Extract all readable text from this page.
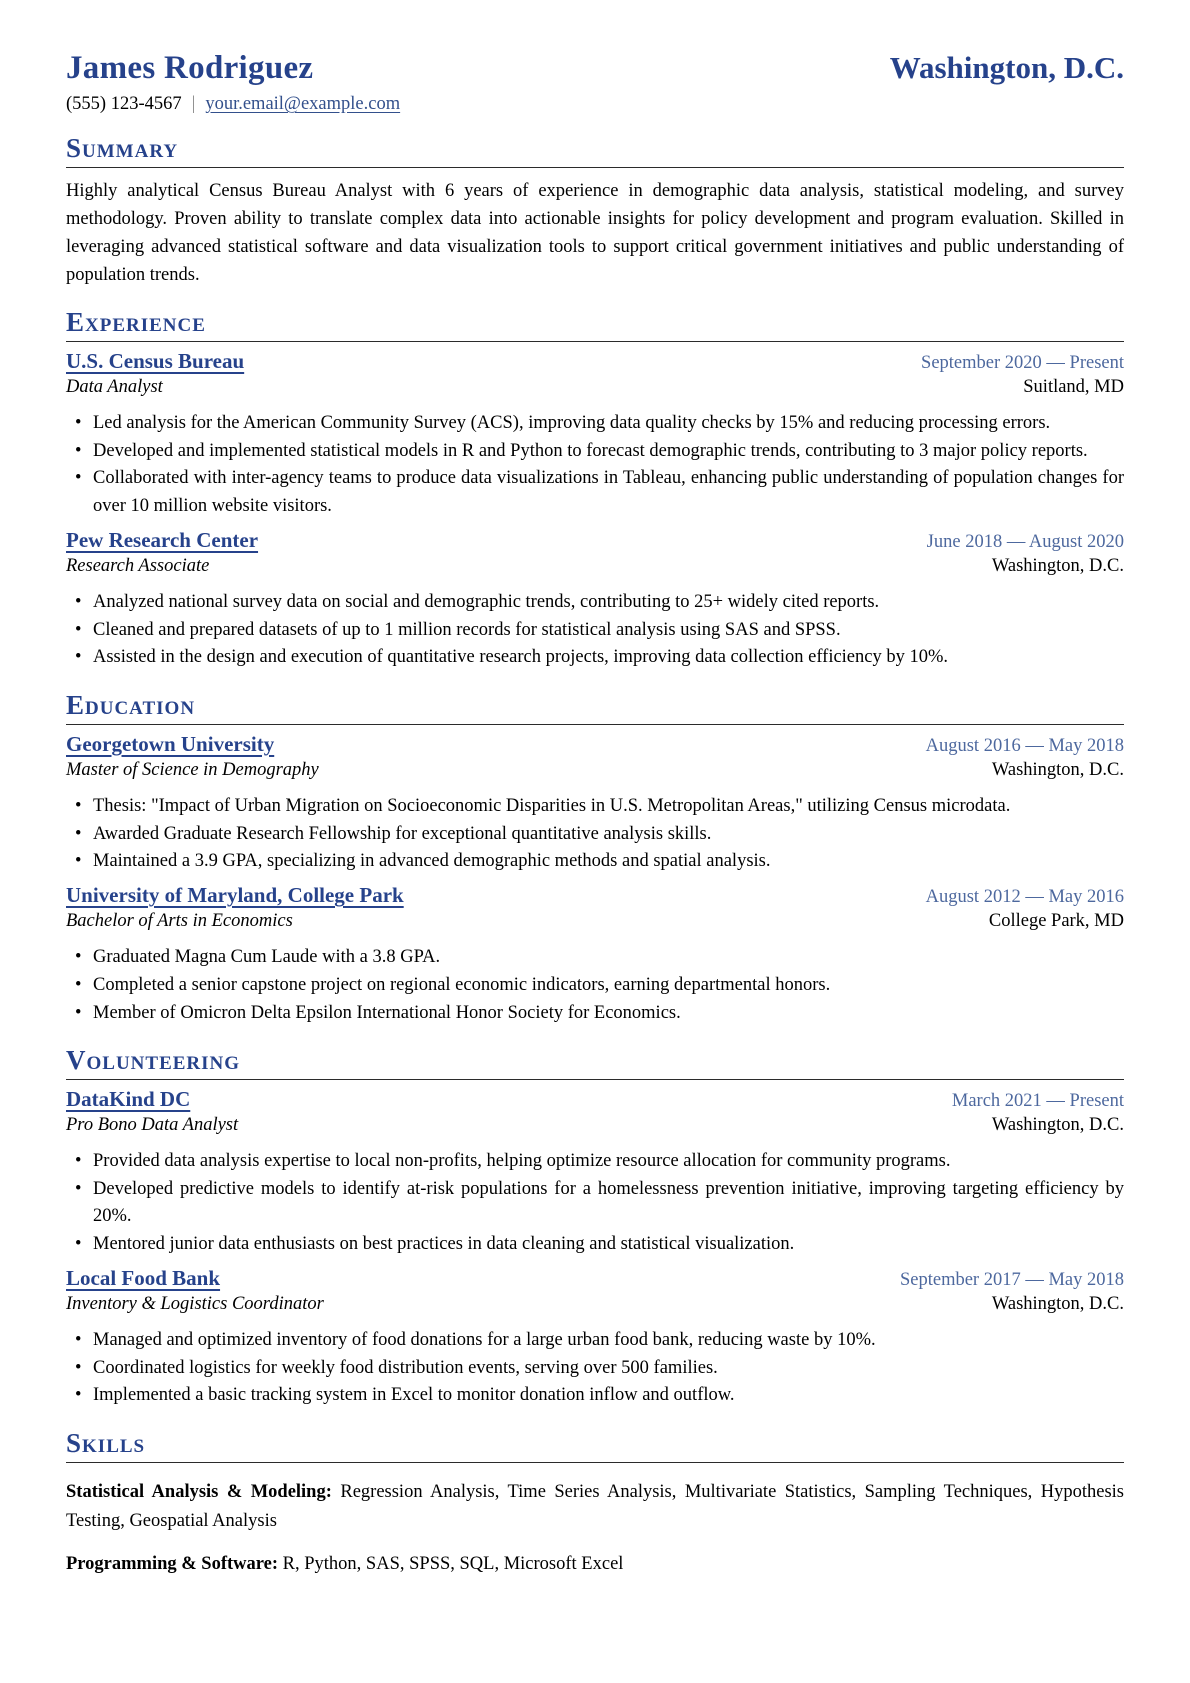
James Rodriguez	Washington, D.C.
(555) 123-4567 | your.email@example.com
Summary
Highly analytical Census Bureau Analyst with 6 years of experience in demographic data analysis, statistical modeling, and survey methodology. Proven ability to translate complex data into actionable insights for policy development and program evaluation. Skilled in leveraging advanced statistical software and data visualization tools to support critical government initiatives and public understanding of population trends.
Experience
U.S. Census Bureau	September 2020 — Present
Data Analyst	Suitland, MD
• Led analysis for the American Community Survey (ACS), improving data quality checks by 15% and reducing processing errors.
• Developed and implemented statistical models in R and Python to forecast demographic trends, contributing to 3 major policy reports.
• Collaborated with inter-agency teams to produce data visualizations in Tableau, enhancing public understanding of population changes for over 10 million website visitors.
Pew Research Center	June 2018 — August 2020
Research Associate	Washington, D.C.
• Analyzed national survey data on social and demographic trends, contributing to 25+ widely cited reports.
• Cleaned and prepared datasets of up to 1 million records for statistical analysis using SAS and SPSS.
• Assisted in the design and execution of quantitative research projects, improving data collection efficiency by 10%.
Education
Georgetown University	August 2016 — May 2018
Master of Science in Demography	Washington, D.C.
• Thesis: "Impact of Urban Migration on Socioeconomic Disparities in U.S. Metropolitan Areas," utilizing Census microdata.
• Awarded Graduate Research Fellowship for exceptional quantitative analysis skills.
• Maintained a 3.9 GPA, specializing in advanced demographic methods and spatial analysis.
University of Maryland, College Park	August 2012 — May 2016
Bachelor of Arts in Economics	College Park, MD
• Graduated Magna Cum Laude with a 3.8 GPA.
• Completed a senior capstone project on regional economic indicators, earning departmental honors.
• Member of Omicron Delta Epsilon International Honor Society for Economics.
Volunteering
DataKind DC	March 2021 — Present
Pro Bono Data Analyst	Washington, D.C.
• Provided data analysis expertise to local non-profits, helping optimize resource allocation for community programs.
• Developed predictive models to identify at-risk populations for a homelessness prevention initiative, improving targeting efficiency by 20%.
• Mentored junior data enthusiasts on best practices in data cleaning and statistical visualization.
Local Food Bank	September 2017 — May 2018
Inventory & Logistics Coordinator	Washington, D.C.
• Managed and optimized inventory of food donations for a large urban food bank, reducing waste by 10%.
• Coordinated logistics for weekly food distribution events, serving over 500 families.
• Implemented a basic tracking system in Excel to monitor donation inflow and outflow.
Skills
Statistical Analysis & Modeling: Regression Analysis, Time Series Analysis, Multivariate Statistics, Sampling Techniques, Hypothesis Testing, Geospatial Analysis
Programming & Software: R, Python, SAS, SPSS, SQL, Microsoft Excel
